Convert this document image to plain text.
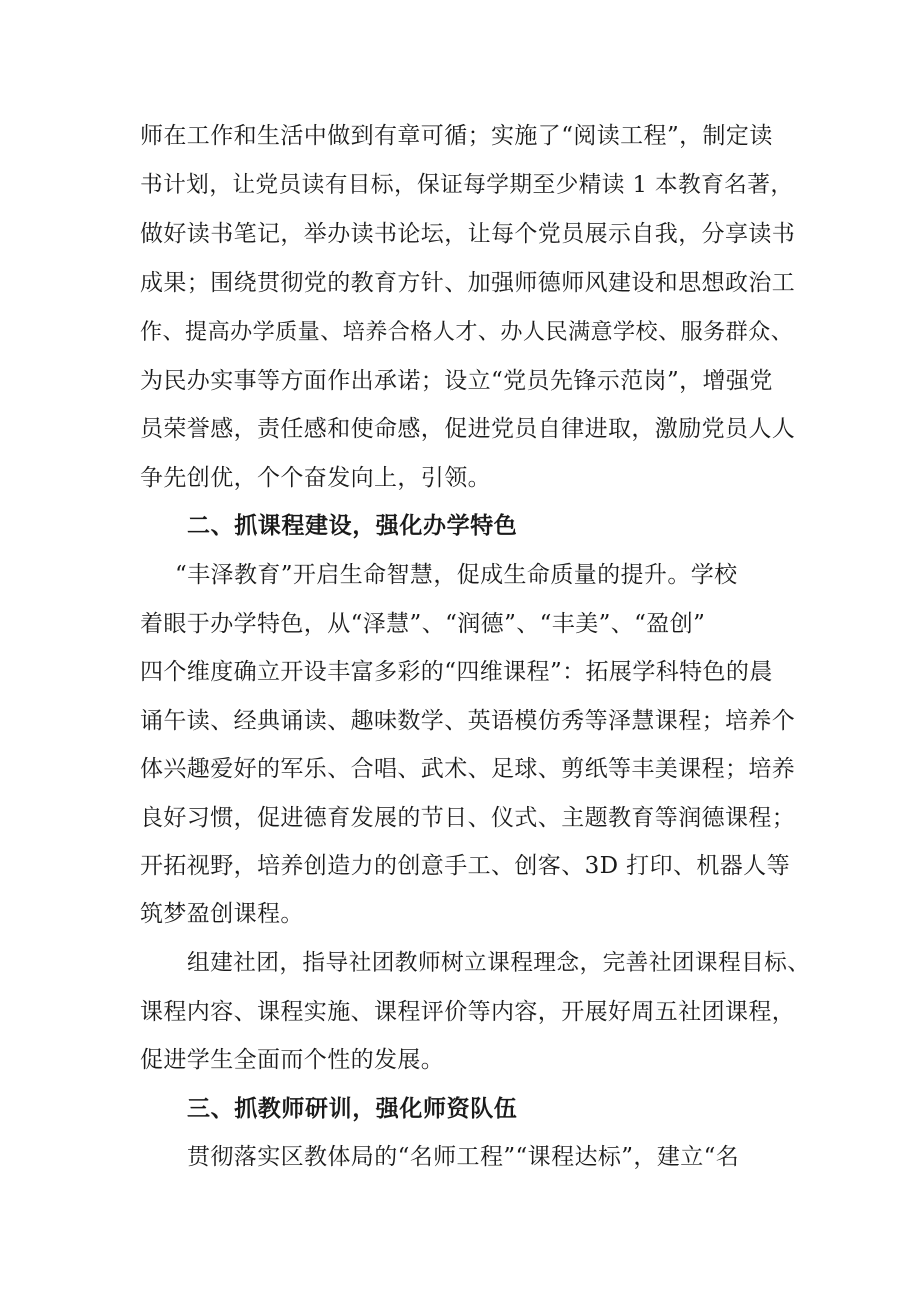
师在工作和生活中做到有章可循；实施了“阅读工程”，制定读
书计划，让党员读有目标，保证每学期至少精读 1 本教育名著，
做好读书笔记，举办读书论坛，让每个党员展示自我，分享读书
成果；围绕贯彻党的教育方针、加强师德师风建设和思想政治工
作、提高办学质量、培养合格人才、办人民满意学校、服务群众、
为民办实事等方面作出承诺；设立“党员先锋示范岗”，增强党
员荣誉感，责任感和使命感，促进党员自律进取，激励党员人人
争先创优，个个奋发向上，引领。
二、抓课程建设，强化办学特色
“丰泽教育”开启生命智慧，促成生命质量的提升。学校
着眼于办学特色，从“泽慧”、“润德”、“丰美”、“盈创”
四个维度确立开设丰富多彩的“四维课程”：拓展学科特色的晨
诵午读、经典诵读、趣味数学、英语模仿秀等泽慧课程；培养个
体兴趣爱好的军乐、合唱、武术、足球、剪纸等丰美课程；培养
良好习惯，促进德育发展的节日、仪式、主题教育等润德课程；
开拓视野，培养创造力的创意手工、创客、3D 打印、机器人等
筑梦盈创课程。
组建社团，指导社团教师树立课程理念，完善社团课程目标、
课程内容、课程实施、课程评价等内容，开展好周五社团课程，
促进学生全面而个性的发展。
三、抓教师研训，强化师资队伍
贯彻落实区教体局的“名师工程”“课程达标”，建立“名
